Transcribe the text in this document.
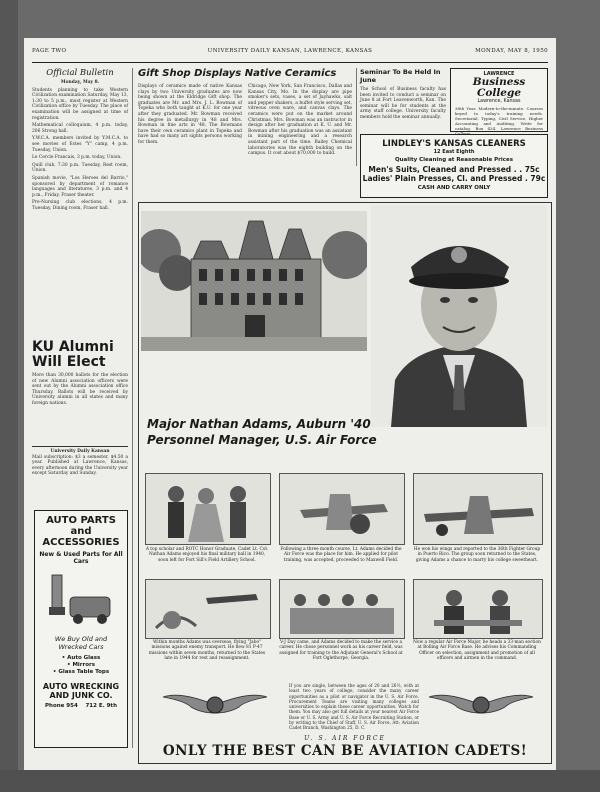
PAGE TWO	UNIVERSITY DAILY KANSAN, LAWRENCE, KANSAS	MONDAY, MAY 8, 1950
Official Bulletin
Monday, May 8.
Students planning to take Western Civilization examination Saturday, May 13, 1:30 to 5 p.m., must register at Western Civilization office by Tuesday. The place of examination will be assigned at time of registration.
Mathematical colloquium, 4 p.m. today, 206 Strong hall.
Y.W.C.A. members invited by Y.M.C.A. to see movies of Estes "Y" camp, 4 p.m. Tuesday, Union.
Le Cercle Francais, 3 p.m. today, Union.
Quill club, 7:30 p.m. Tuesday, Rest room, Union.
Spanish movie, "Los Heroes del Barrio," sponsored by department of romance languages and literatures, 3 p.m. and 4 p.m., Friday, Fraser theater.
Pre-Nursing club elections, 4 p.m. Tuesday, Dining room, Fraser hall.
KU Alumni Will Elect
More than 30,000 ballots for the election of new Alumni association officers were sent out by the Alumni association office Thursday. Ballots will be received by University alumni in all states and many foreign nations.
University Daily Kansan
Mail subscription: $3 a semester, $4.50 a year. Published at Lawrence, Kansas, every afternoon during the University year except Saturday and Sunday.
AUTO PARTS and ACCESSORIES
New & Used Parts for All Cars
We Buy Old and Wrecked Cars
• Auto Glass
• Mirrors
• Glass Table Tops
AUTO WRECKING AND JUNK CO.
Phone 954 712 E. 9th
Gift Shop Displays Native Ceramics
Displays of ceramics made of native Kansas clays by two University graduates are now being shown at the Eldridge Gift shop. The graduates are Mr. and Mrs. J. L. Bowman of Topeka who both taught at K.U. for one year after they graduated. Mr. Bowman received his degree in metallurgy in '48 and Mrs. Bowman in fine arts in '48. The Bowmans have their own ceramics plant in Topeka and have had so many art sights persons working for them.
Chicago, New York, San Francisco, Dallas and Kansas City, Mo. In the display are pipe smoker's sets, vases, a set of Jayhawks, salt and pepper shakers, a buffet style serving set, vitreous oven ware, and canvas clays. The ceramics were put on the market around Christmas. Mrs. Bowman was an instructor in design after her graduation at K. U. and Mr. Bowman after his graduation was an assistant in mining engineering and a research assistant part of the time. Bailey Chemical laboratories was the eighth building on the campus. It cost about $70,000 to build.
Seminar To Be Held In June
The School of Business faculty has been invited to conduct a seminar on June 8 at Fort Leavenworth, Kan. The seminar will be for students at the army staff college. University faculty members hold the seminar annually.
LAWRENCE
Business College
Lawrence, Kansas
38th Year. Modern-to-the-minute. Courses keyed to today's training needs. Secretarial, Typing, Civil Service, Higher Accounting and Auditing. Write for catalog. Box 434. Lawrence Business
LINDLEY'S KANSAS CLEANERS
12 East Eighth
Quality Cleaning at Reasonable Prices
Men's Suits, Cleaned and Pressed . . 75c
Ladies' Plain Presses, Cl. and Pressed . 79c
CASH AND CARRY ONLY
Major Nathan Adams, Auburn '40
Personnel Manager, U.S. Air Force
A top scholar and ROTC Honor Graduate, Cadet Lt. Col. Nathan Adams enjoyed his final military ball in 1940, soon left for Fort Sill's Field Artillery School.
Following a three month course, Lt. Adams decided the Air Force was the place for him. He applied for pilot training, was accepted, proceeded to Maxwell Field.
He won his wings and reported to the 36th Fighter Group in Puerto Rico. The group soon returned to the States, giving Adams a chance to marry his college sweetheart.
Within months Adams was overseas, flying "Jabo" missions against enemy transport. He flew 81 P-47 missions within seven months, returned to the States late in 1944 for rest and reassignment.
V-J Day came, and Adams decided to make the service a career. He chose personnel work as his career field, was assigned for training to the Adjutant General's School at Fort Oglethorpe, Georgia.
Now a regular Air Force Major, he heads a 33-man section at Bolling Air Force Base. He advises his Commanding Officer on selection, assignment and promotion of all officers and airmen in the command.
If you are single, between the ages of 20 and 26½, with at least two years of college, consider the many career opportunities as a pilot or navigator in the U. S. Air Force. Procurement Teams are visiting many colleges and universities to explain these career opportunities. Watch for them. You may also get full details at your nearest Air Force Base or U. S. Army and U. S. Air Force Recruiting Station, or by writing to the Chief of Staff, U. S. Air Force, Att: Aviation Cadet Branch, Washington 25, D. C.
U. S. AIR FORCE
ONLY THE BEST CAN BE AVIATION CADETS!
